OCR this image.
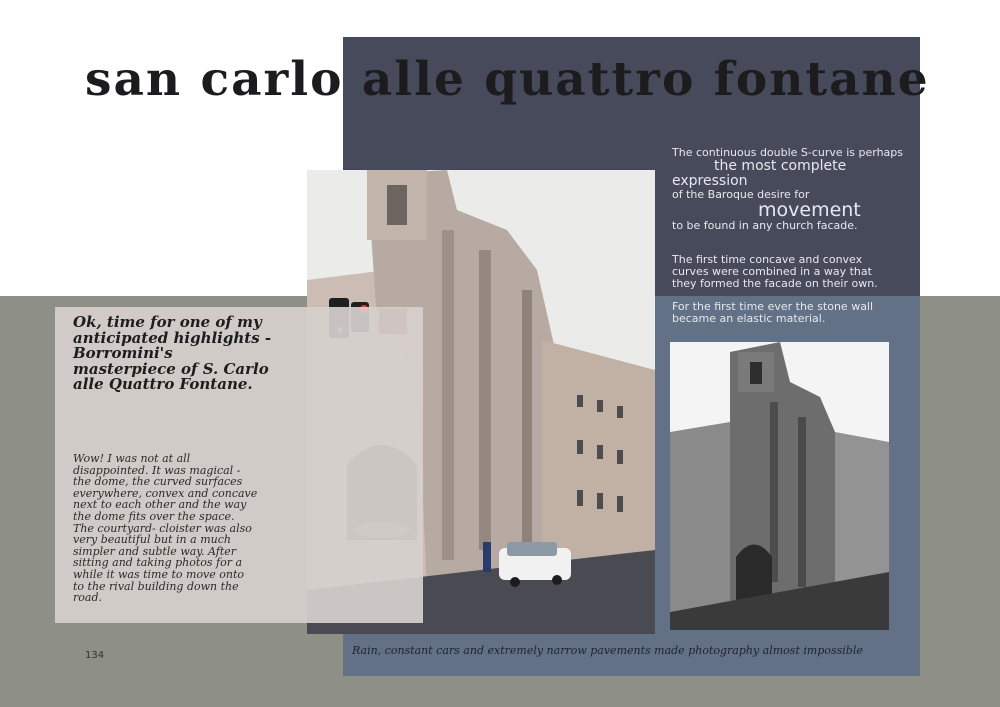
san carlo alle quattro fontane
Ok, time for one of my anticipated highlights - Borromini's masterpiece of S. Carlo alle Quattro Fontane.
Wow! I was not at all disappointed. It was magical - the dome, the curved surfaces everywhere, convex and concave next to each other and the way the dome fits over the space. The courtyard- cloister was also very beautiful but in a much simpler and subtle way. After sitting and taking photos for a while it was time to move onto to the rival building down the road.
The continuous double S-curve is perhaps
the most complete
expression
of the Baroque desire for
movement
to be found in any church facade.
The first time concave and convex curves were combined in a way that they formed the facade on their own.
For the first time ever the stone wall became an elastic material.
Rain, constant cars and extremely narrow pavements made photography almost impossible
134
